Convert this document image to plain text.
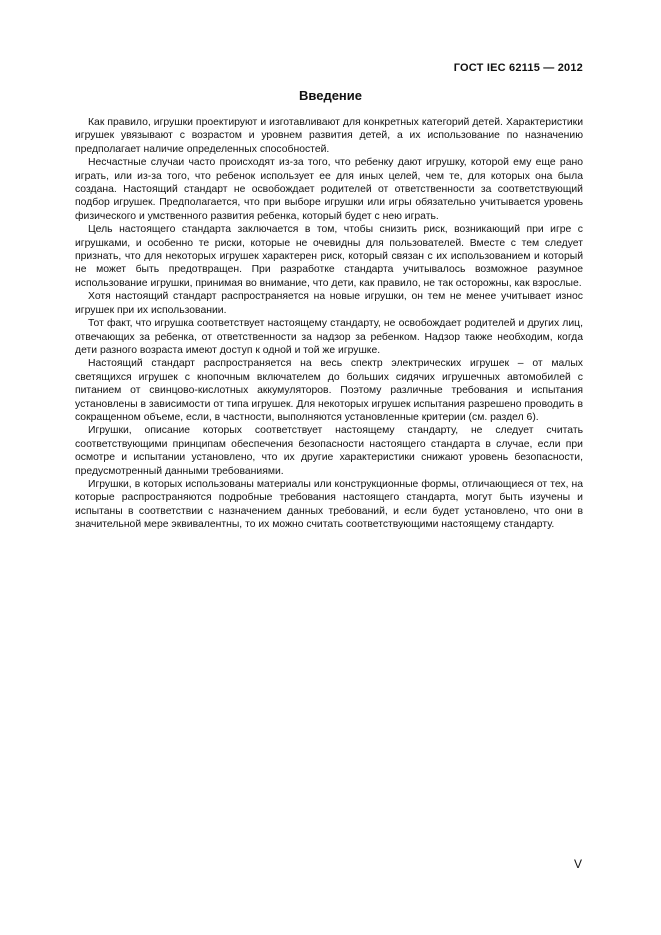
ГОСТ IEC 62115 — 2012
Введение

Как правило, игрушки проектируют и изготавливают для конкретных категорий детей. Характеристики игрушек увязывают с возрастом и уровнем развития детей, а их использование по назначению предполагает наличие определенных способностей.

Несчастные случаи часто происходят из-за того, что ребенку дают игрушку, которой ему еще рано играть, или из-за того, что ребенок использует ее для иных целей, чем те, для которых она была создана. Настоящий стандарт не освобождает родителей от ответственности за соответствующий подбор игрушек. Предполагается, что при выборе игрушки или игры обязательно учитывается уровень физического и умственного развития ребенка, который будет с нею играть.

Цель настоящего стандарта заключается в том, чтобы снизить риск, возникающий при игре с игрушками, и особенно те риски, которые не очевидны для пользователей. Вместе с тем следует признать, что для некоторых игрушек характерен риск, который связан с их использованием и который не может быть предотвращен. При разработке стандарта учитывалось возможное разумное использование игрушки, принимая во внимание, что дети, как правило, не так осторожны, как взрослые.

Хотя настоящий стандарт распространяется на новые игрушки, он тем не менее учитывает износ игрушек при их использовании.

Тот факт, что игрушка соответствует настоящему стандарту, не освобождает родителей и других лиц, отвечающих за ребенка, от ответственности за надзор за ребенком. Надзор также необходим, когда дети разного возраста имеют доступ к одной и той же игрушке.

Настоящий стандарт распространяется на весь спектр электрических игрушек – от малых светящихся игрушек с кнопочным включателем до больших сидячих игрушечных автомобилей с питанием от свинцово-кислотных аккумуляторов. Поэтому различные требования и испытания установлены в зависимости от типа игрушек. Для некоторых игрушек испытания разрешено проводить в сокращенном объеме, если, в частности, выполняются установленные критерии (см. раздел 6).

Игрушки, описание которых соответствует настоящему стандарту, не следует считать соответствующими принципам обеспечения безопасности настоящего стандарта в случае, если при осмотре и испытании установлено, что их другие характеристики снижают уровень безопасности, предусмотренный данными требованиями.

Игрушки, в которых использованы материалы или конструкционные формы, отличающиеся от тех, на которые распространяются подробные требования настоящего стандарта, могут быть изучены и испытаны в соответствии с назначением данных требований, и если будет установлено, что они в значительной мере эквивалентны, то их можно считать соответствующими настоящему стандарту.

V
